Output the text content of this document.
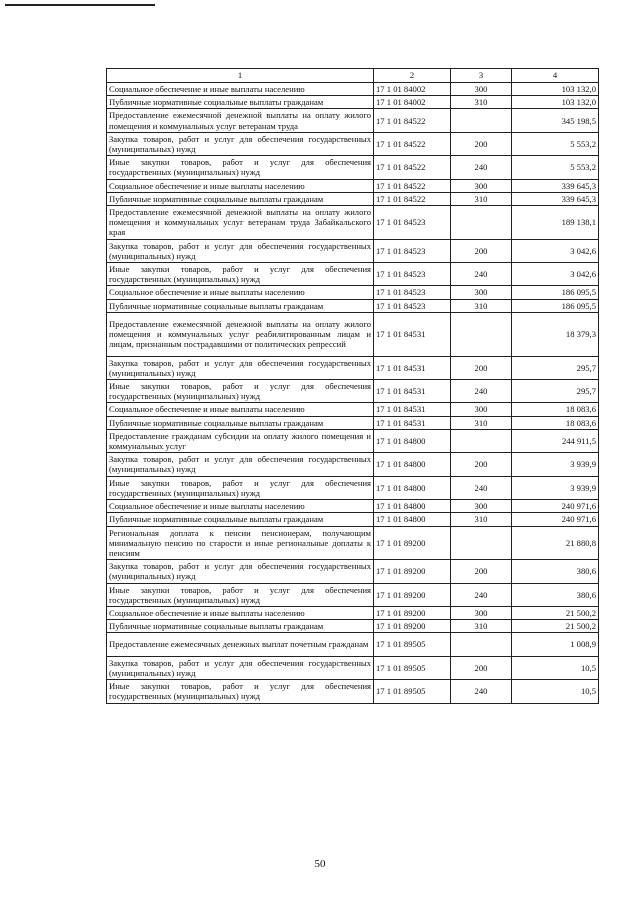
1	2	3	4
Социальное обеспечение и иные выплаты населению	17 1 01 84002	300	103 132,0
Публичные нормативные социальные выплаты гражданам	17 1 01 84002	310	103 132,0
Предоставление ежемесячной денежной выплаты на оплату жилого помещения и коммунальных услуг ветеранам труда	17 1 01 84522		345 198,5
Закупка товаров, работ и услуг для обеспечения государственных (муниципальных) нужд	17 1 01 84522	200	5 553,2
Иные закупки товаров, работ и услуг для обеспечения государственных (муниципальных) нужд	17 1 01 84522	240	5 553,2
Социальное обеспечение и иные выплаты населению	17 1 01 84522	300	339 645,3
Публичные нормативные социальные выплаты гражданам	17 1 01 84522	310	339 645,3
Предоставление ежемесячной денежной выплаты на оплату жилого помещения и коммунальных услуг ветеранам труда Забайкальского края	17 1 01 84523		189 138,1
Закупка товаров, работ и услуг для обеспечения государственных (муниципальных) нужд	17 1 01 84523	200	3 042,6
Иные закупки товаров, работ и услуг для обеспечения государственных (муниципальных) нужд	17 1 01 84523	240	3 042,6
Социальное обеспечение и иные выплаты населению	17 1 01 84523	300	186 095,5
Публичные нормативные социальные выплаты гражданам	17 1 01 84523	310	186 095,5
Предоставление ежемесячной денежной выплаты на оплату жилого помещения и коммунальных услуг реабилитированным лицам и лицам, признанным пострадавшими от политических репрессий	17 1 01 84531		18 379,3
Закупка товаров, работ и услуг для обеспечения государственных (муниципальных) нужд	17 1 01 84531	200	295,7
Иные закупки товаров, работ и услуг для обеспечения государственных (муниципальных) нужд	17 1 01 84531	240	295,7
Социальное обеспечение и иные выплаты населению	17 1 01 84531	300	18 083,6
Публичные нормативные социальные выплаты гражданам	17 1 01 84531	310	18 083,6
Предоставление гражданам субсидии на оплату жилого помещения и коммунальных услуг	17 1 01 84800		244 911,5
Закупка товаров, работ и услуг для обеспечения государственных (муниципальных) нужд	17 1 01 84800	200	3 939,9
Иные закупки товаров, работ и услуг для обеспечения государственных (муниципальных) нужд	17 1 01 84800	240	3 939,9
Социальное обеспечение и иные выплаты населению	17 1 01 84800	300	240 971,6
Публичные нормативные социальные выплаты гражданам	17 1 01 84800	310	240 971,6
Региональная доплата к пенсии пенсионерам, получающим минимальную пенсию по старости и иные региональные доплаты к пенсиям	17 1 01 89200		21 880,8
Закупка товаров, работ и услуг для обеспечения государственных (муниципальных) нужд	17 1 01 89200	200	380,6
Иные закупки товаров, работ и услуг для обеспечения государственных (муниципальных) нужд	17 1 01 89200	240	380,6
Социальное обеспечение и иные выплаты населению	17 1 01 89200	300	21 500,2
Публичные нормативные социальные выплаты гражданам	17 1 01 89200	310	21 500,2
Предоставление ежемесячных денежных выплат почетным гражданам	17 1 01 89505		1 008,9
Закупка товаров, работ и услуг для обеспечения государственных (муниципальных) нужд	17 1 01 89505	200	10,5
Иные закупки товаров, работ и услуг для обеспечения государственных (муниципальных) нужд	17 1 01 89505	240	10,5
50
